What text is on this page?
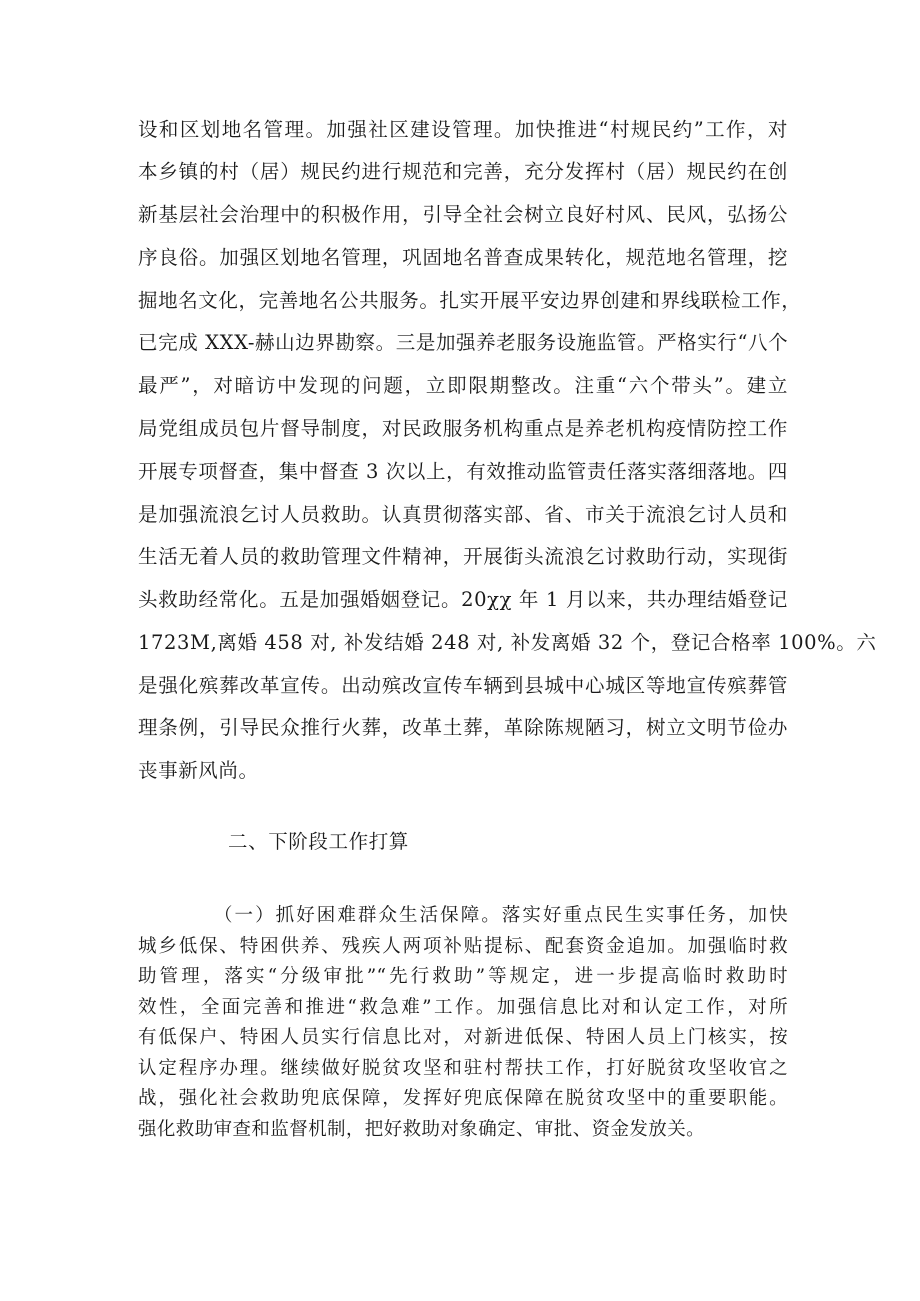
设和区划地名管理。加强社区建设管理。加快推进“村规民约”工作，对

本乡镇的村（居）规民约进行规范和完善，充分发挥村（居）规民约在创

新基层社会治理中的积极作用，引导全社会树立良好村风、民风，弘扬公

序良俗。加强区划地名管理，巩固地名普查成果转化，规范地名管理，挖

掘地名文化，完善地名公共服务。扎实开展平安边界创建和界线联检工作，

已完成 XXX-赫山边界勘察。三是加强养老服务设施监管。严格实行“八个

最严”，对暗访中发现的问题，立即限期整改。注重“六个带头”。建立

局党组成员包片督导制度，对民政服务机构重点是养老机构疫情防控工作

开展专项督查，集中督查 3 次以上，有效推动监管责任落实落细落地。四

是加强流浪乞讨人员救助。认真贯彻落实部、省、市关于流浪乞讨人员和

生活无着人员的救助管理文件精神，开展街头流浪乞讨救助行动，实现街

头救助经常化。五是加强婚姻登记。20χχ 年 1 月以来，共办理结婚登记

1723M,离婚 458 对, 补发结婚 248 对, 补发离婚 32 个，登记合格率 100%。六

是强化殡葬改革宣传。出动殡改宣传车辆到县城中心城区等地宣传殡葬管

理条例，引导民众推行火葬，改革土葬，革除陈规陋习，树立文明节俭办

丧事新风尚。

二、下阶段工作打算

（一）抓好困难群众生活保障。落实好重点民生实事任务，加快

城乡低保、特困供养、残疾人两项补贴提标、配套资金追加。加强临时救

助管理，落实“分级审批”“先行救助”等规定，进一步提高临时救助时

效性，全面完善和推进“救急难”工作。加强信息比对和认定工作，对所

有低保户、特困人员实行信息比对，对新进低保、特困人员上门核实，按

认定程序办理。继续做好脱贫攻坚和驻村帮扶工作，打好脱贫攻坚收官之

战，强化社会救助兜底保障，发挥好兜底保障在脱贫攻坚中的重要职能。

强化救助审查和监督机制，把好救助对象确定、审批、资金发放关。
